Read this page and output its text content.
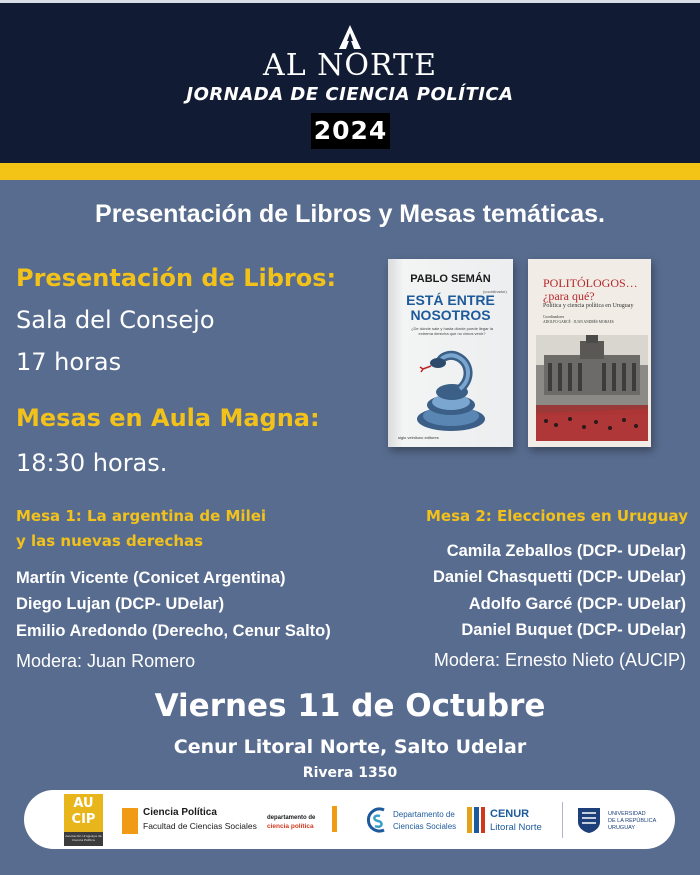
AL NORTE
JORNADA DE CIENCIA POLÍTICA
2024
Presentación de Libros y Mesas temáticas.
Presentación de Libros:
Sala del Consejo
17 horas
Mesas en Aula Magna:
18:30 horas.
PABLO SEMÁN
(coordinador)
ESTÁ ENTRE
NOSOTROS
¿De dónde sale y hasta dónde puede llegar la extrema derecha que no vimos venir?
siglo veintiuno editores
POLITÓLOGOS…
¿para qué?
Política y ciencia política en Uruguay
Coordinadores
ADOLFO GARCÉ · JUAN ANDRÉS MORAES
Mesa 1: La argentina de Milei
y las nuevas derechas
Martín Vicente (Conicet Argentina)
Diego Lujan (DCP- UDelar)
Emilio Aredondo (Derecho, Cenur Salto)
Modera: Juan Romero
Mesa 2: Elecciones en Uruguay
Camila Zeballos (DCP- UDelar)
Daniel Chasquetti (DCP- UDelar)
Adolfo Garcé (DCP- UDelar)
Daniel Buquet (DCP- UDelar)
Modera: Ernesto Nieto (AUCIP)
Viernes 11 de Octubre
Cenur Litoral Norte, Salto Udelar
Rivera 1350
AU
CIP
Asociación Uruguaya de Ciencia Política
Ciencia Política
Facultad de Ciencias Sociales
departamento de
ciencia política
Departamento de
Ciencias Sociales
CENUR
Litoral Norte
UNIVERSIDAD
DE LA REPÚBLICA
URUGUAY
